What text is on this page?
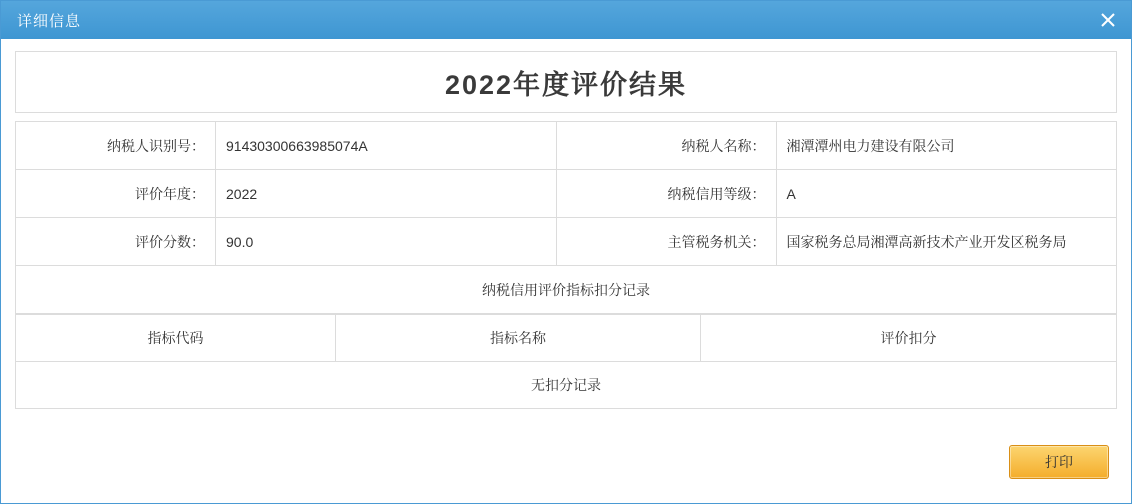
详细信息
2022年度评价结果
纳税人识别号：	91430300663985074A	纳税人名称：	湘潭潭州电力建设有限公司
评价年度：	2022	纳税信用等级：	A
评价分数：	90.0	主管税务机关：	国家税务总局湘潭高新技术产业开发区税务局
纳税信用评价指标扣分记录			
指标代码	指标名称	评价扣分
无扣分记录
打印
